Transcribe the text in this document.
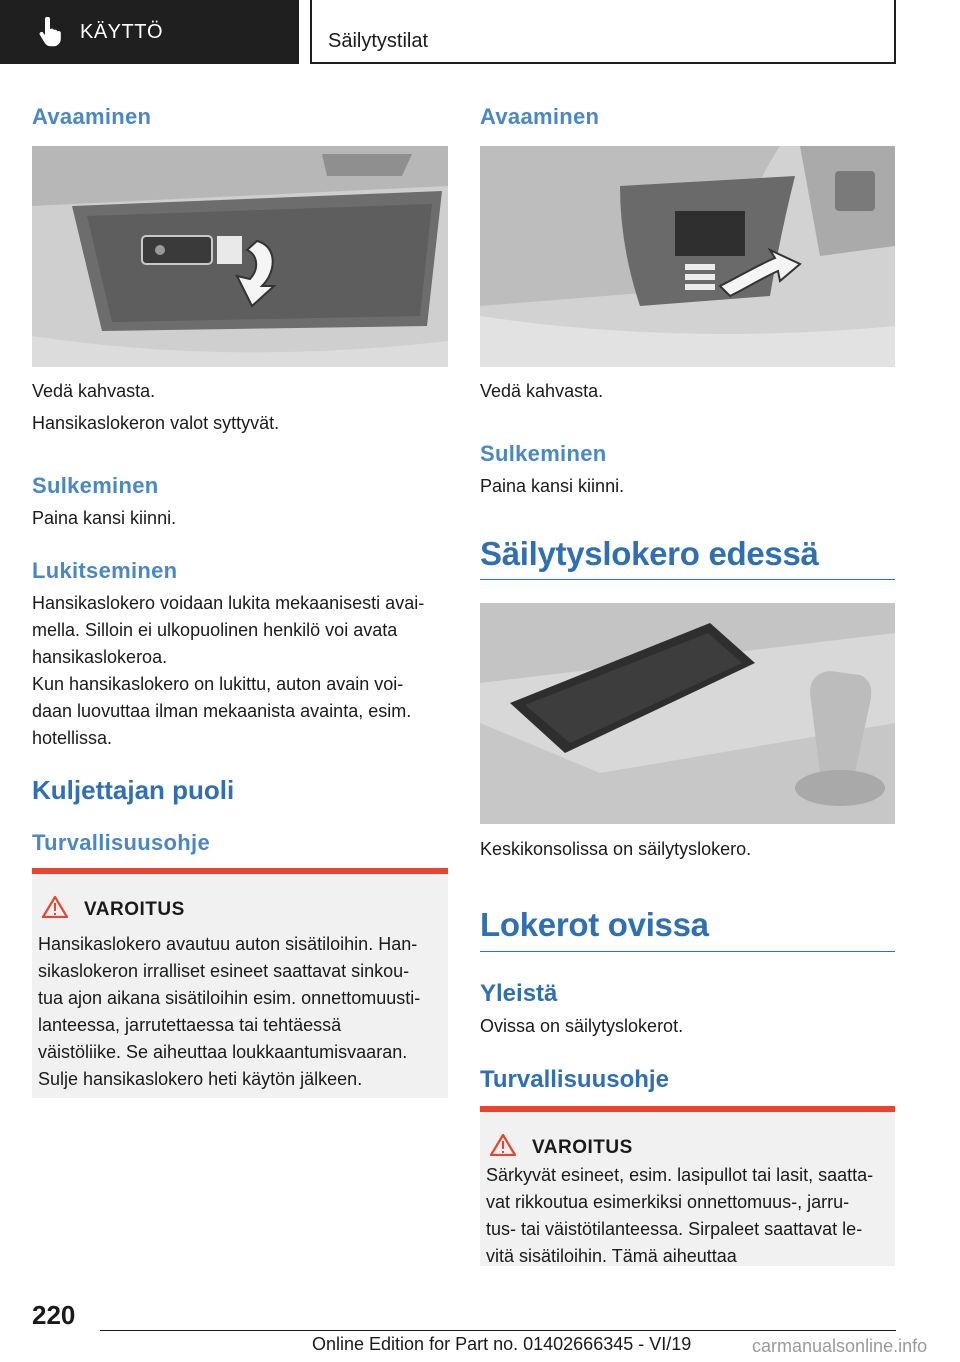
KÄYTTÖ	Säilytystilat
Avaaminen
Vedä kahvasta.
Hansikaslokeron valot syttyvät.
Sulkeminen
Paina kansi kiinni.
Lukitseminen
Hansikaslokero voidaan lukita mekaanisesti avai‐
mella. Silloin ei ulkopuolinen henkilö voi avata
hansikaslokeroa.
Kun hansikaslokero on lukittu, auton avain voi‐
daan luovuttaa ilman mekaanista avainta, esim.
hotellissa.
Kuljettajan puoli
Turvallisuusohje
VAROITUS
Hansikaslokero avautuu auton sisätiloihin. Han‐
sikaslokeron irralliset esineet saattavat sinkou‐
tua ajon aikana sisätiloihin esim. onnettomuusti‐
lanteessa, jarrutettaessa tai tehtäessä
väistöliike. Se aiheuttaa loukkaantumisvaaran.
Sulje hansikaslokero heti käytön jälkeen.
Avaaminen
Vedä kahvasta.
Sulkeminen
Paina kansi kiinni.
Säilytyslokero edessä
Keskikonsolissa on säilytyslokero.
Lokerot ovissa
Yleistä
Ovissa on säilytyslokerot.
Turvallisuusohje
VAROITUS
Särkyvät esineet, esim. lasipullot tai lasit, saatta‐
vat rikkoutua esimerkiksi onnettomuus-, jarru‐
tus- tai väistötilanteessa. Sirpaleet saattavat le‐
vitä sisätiloihin. Tämä aiheuttaa
220
Online Edition for Part no. 01402666345 - VI/19	carmanualsonline.info
